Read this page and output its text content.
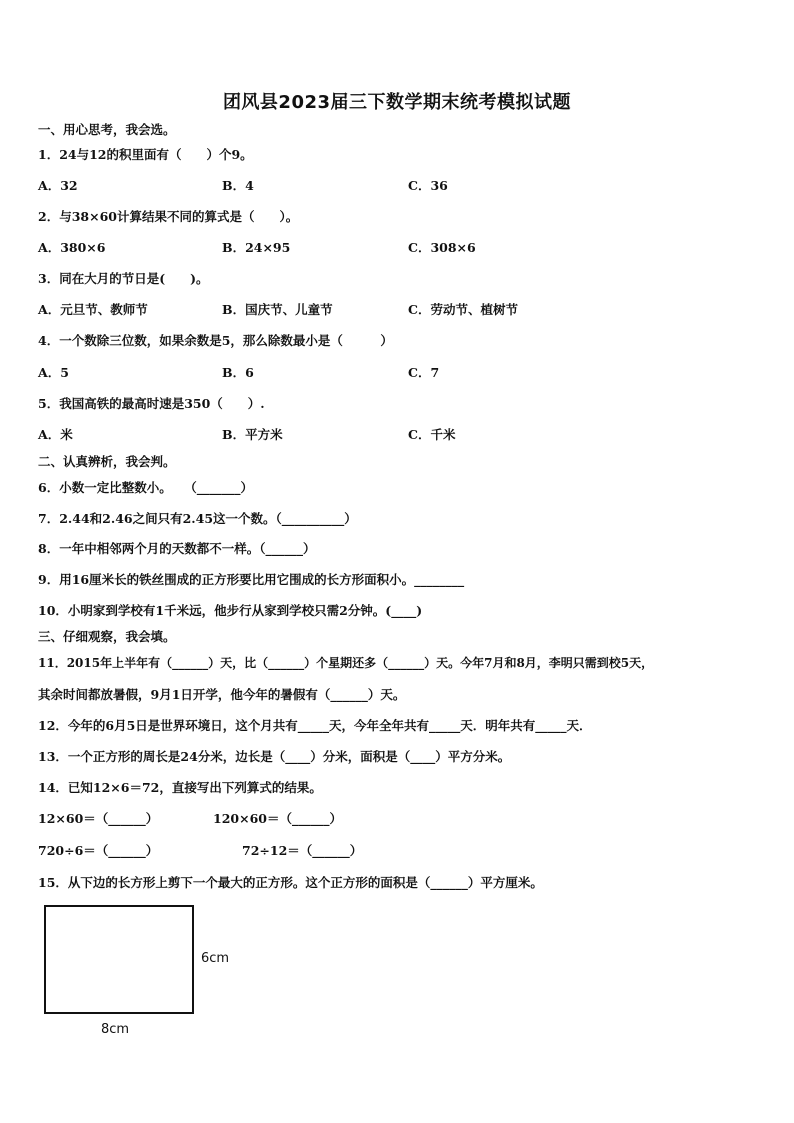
团风县2023届三下数学期末统考模拟试题
一、用心思考，我会选。
1．24与12的积里面有（　　）个9。
A．32	B．4	C．36
2．与38×60计算结果不同的算式是（　　）。
A．380×6	B．24×95	C．308×6
3．同在大月的节日是(　　)。
A．元旦节、教师节	B．国庆节、儿童节	C．劳动节、植树节
4．一个数除三位数，如果余数是5，那么除数最小是（　　　）
A．5	B．6	C．7
5．我国高铁的最高时速是350（　　）.
A．米	B．平方米	C．千米
二、认真辨析，我会判。
6．小数一定比整数小。　　（_______）
7．2.44和2.46之间只有2.45这一个数。（__________）
8．一年中相邻两个月的天数都不一样。（______）
9．用16厘米长的铁丝围成的正方形要比用它围成的长方形面积小。________
10．小明家到学校有1千米远，他步行从家到学校只需2分钟。(____)
三、仔细观察，我会填。
11．2015年上半年有（______）天，比（______）个星期还多（______）天。今年7月和8月，李明只需到校5天，
其余时间都放暑假，9月1日开学，他今年的暑假有（______）天。
12．今年的6月5日是世界环境日，这个月共有_____天，今年全年共有_____天．明年共有_____天．
13．一个正方形的周长是24分米，边长是（____）分米，面积是（____）平方分米。
14．已知12×6＝72，直接写出下列算式的结果。
12×60＝（______）	120×60＝（______）
720÷6＝（______）	72÷12＝（______）
15．从下边的长方形上剪下一个最大的正方形。这个正方形的面积是（______）平方厘米。
6cm
8cm
